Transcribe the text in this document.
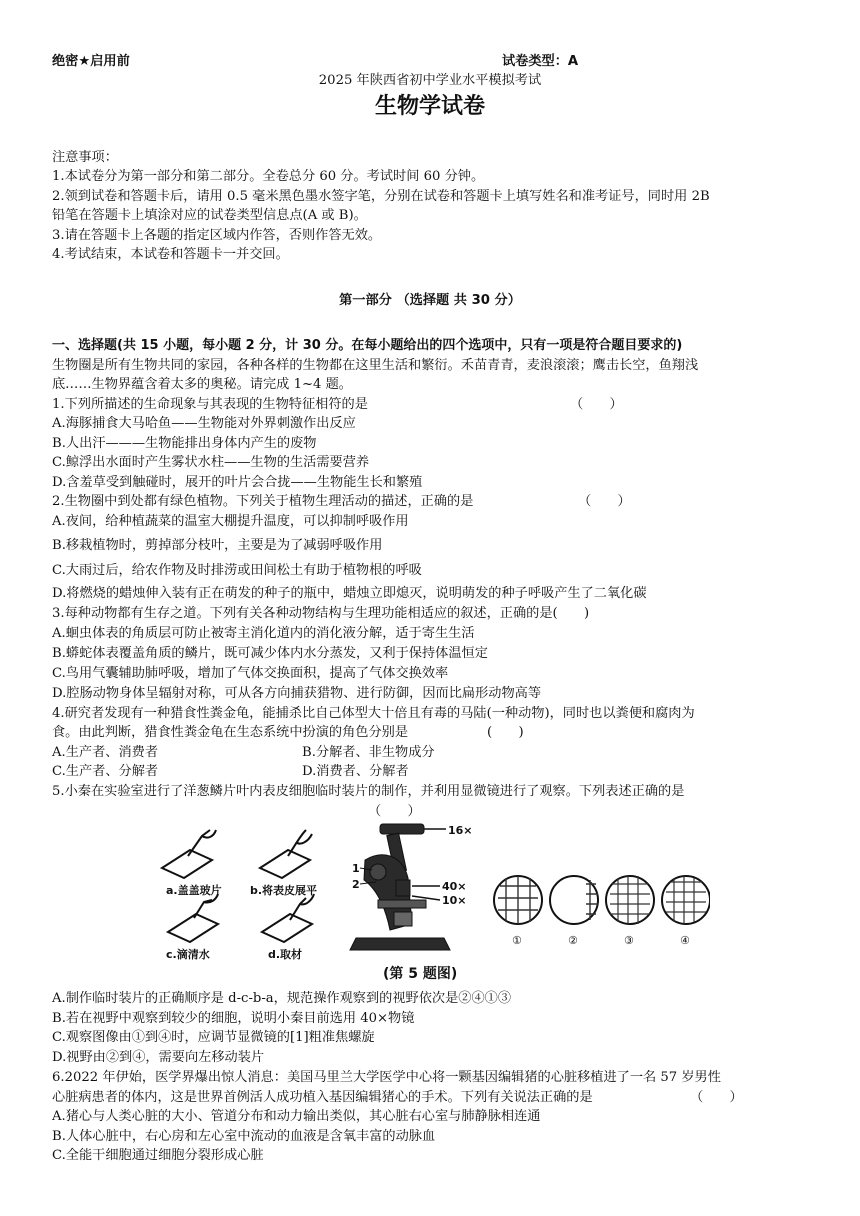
绝密★启用前	试卷类型：A
2025 年陕西省初中学业水平模拟考试
生物学试卷
注意事项：
1.本试卷分为第一部分和第二部分。全卷总分 60 分。考试时间 60 分钟。
2.领到试卷和答题卡后，请用 0.5 毫米黑色墨水签字笔，分别在试卷和答题卡上填写姓名和准考证号，同时用 2B
铅笔在答题卡上填涂对应的试卷类型信息点(A 或 B)。
3.请在答题卡上各题的指定区域内作答，否则作答无效。
4.考试结束，本试卷和答题卡一并交回。
第一部分 （选择题 共 30 分）
一、选择题(共 15 小题，每小题 2 分，计 30 分。在每小题给出的四个选项中，只有一项是符合题目要求的)
生物圈是所有生物共同的家园，各种各样的生物都在这里生活和繁衍。禾苗青青，麦浪滚滚；鹰击长空，鱼翔浅
底……生物界蕴含着太多的奥秘。请完成 1~4 题。
1.下列所描述的生命现象与其表现的生物特征相符的是	（　　）
A.海豚捕食大马哈鱼——生物能对外界刺激作出反应
B.人出汗———生物能排出身体内产生的废物
C.鲸浮出水面时产生雾状水柱——生物的生活需要营养
D.含羞草受到触碰时，展开的叶片会合拢——生物能生长和繁殖
2.生物圈中到处都有绿色植物。下列关于植物生理活动的描述，正确的是	（　　）
A.夜间，给种植蔬菜的温室大棚提升温度，可以抑制呼吸作用
B.移栽植物时，剪掉部分枝叶，主要是为了减弱呼吸作用
C.大雨过后，给农作物及时排涝或田间松土有助于植物根的呼吸
D.将燃烧的蜡烛伸入装有正在萌发的种子的瓶中，蜡烛立即熄灭，说明萌发的种子呼吸产生了二氧化碳
3.每种动物都有生存之道。下列有关各种动物结构与生理功能相适应的叙述，正确的是(　　)
A.蛔虫体表的角质层可防止被寄主消化道内的消化液分解，适于寄生生活
B.蟒蛇体表覆盖角质的鳞片，既可减少体内水分蒸发，又利于保持体温恒定
C.鸟用气囊辅助肺呼吸，增加了气体交换面积，提高了气体交换效率
D.腔肠动物身体呈辐射对称，可从各方向捕获猎物、进行防御，因而比扁形动物高等
4.研究者发现有一种猎食性粪金龟，能捕杀比自己体型大十倍且有毒的马陆(一种动物)，同时也以粪便和腐肉为
食。由此判断，猎食性粪金龟在生态系统中扮演的角色分别是	(　　)
A.生产者、消费者	B.分解者、非生物成分
C.生产者、分解者	D.消费者、分解者
5.小秦在实验室进行了洋葱鳞片叶内表皮细胞临时装片的制作，并利用显微镜进行了观察。下列表述正确的是
（　　）
a.盖盖玻片	b.将表皮展平
c.滴清水	d.取材
16×
1
2	40×
10×
①	②	③	④
(第 5 题图)
A.制作临时装片的正确顺序是 d-c-b-a，规范操作观察到的视野依次是②④①③
B.若在视野中观察到较少的细胞，说明小秦目前选用 40×物镜
C.观察图像由①到④时，应调节显微镜的[1]粗准焦螺旋
D.视野由②到④，需要向左移动装片
6.2022 年伊始，医学界爆出惊人消息：美国马里兰大学医学中心将一颗基因编辑猪的心脏移植进了一名 57 岁男性
心脏病患者的体内，这是世界首例活人成功植入基因编辑猪心的手术。下列有关说法正确的是	（　　）
A.猪心与人类心脏的大小、管道分布和动力输出类似，其心脏右心室与肺静脉相连通
B.人体心脏中，右心房和左心室中流动的血液是含氧丰富的动脉血
C.全能干细胞通过细胞分裂形成心脏
